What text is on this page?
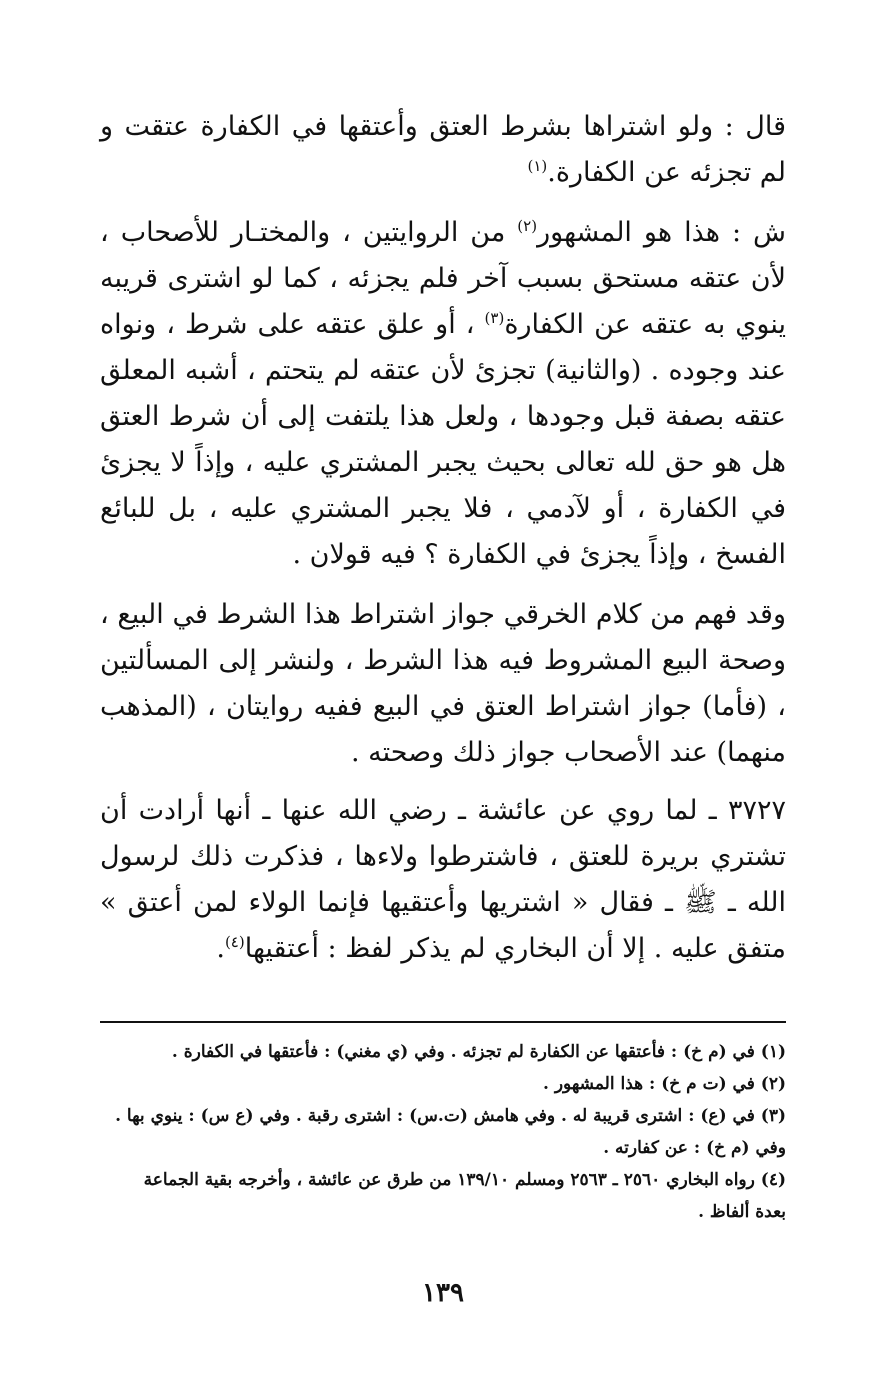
قال : ولو اشتراها بشرط العتق وأعتقها في الكفارة عتقت و لم تجزئه عن الكفارة.$^{(١)}$

ش : هذا هو المشهور$^{(٢)}$ من الروايتين ، والمختـار للأصحاب ، لأن عتقه مستحق بسبب آخر فلم يجزئه ، كما لو اشترى قريبه ينوي به عتقه عن الكفارة$^{(٣)}$ ، أو علق عتقه على شرط ، ونواه عند وجوده . (والثانية) تجزئ لأن عتقه لم يتحتم ، أشبه المعلق عتقه بصفة قبل وجودها ، ولعل هذا يلتفت إلى أن شرط العتق هل هو حق لله تعالى بحيث يجبر المشتري عليه ، وإذاً لا يجزئ في الكفارة ، أو لآدمي ، فلا يجبر المشتري عليه ، بل للبائع الفسخ ، وإذاً يجزئ في الكفارة ؟ فيه قولان .

وقد فهم من كلام الخرقي جواز اشتراط هذا الشرط في البيع ، وصحة البيع المشروط فيه هذا الشرط ، ولنشر إلى المسألتين ، (فأما) جواز اشتراط العتق في البيع ففيه روايتان ، (المذهب منهما) عند الأصحاب جواز ذلك وصحته .

٣٧٢٧ ـ لما روي عن عائشة ـ رضي الله عنها ـ أنها أرادت أن تشتري بريرة للعتق ، فاشترطوا ولاءها ، فذكرت ذلك لرسول الله ـ ﷺ ـ فقال « اشتريها وأعتقيها فإنما الولاء لمن أعتق » متفق عليه . إلا أن البخاري لم يذكر لفظ : أعتقيها$^{(٤)}$.

(١) في (م خ) : فأعتقها عن الكفارة لم تجزئه . وفي (ي مغني) : فأعتقها في الكفارة .

(٢) في (ت م خ) : هذا المشهور .

(٣) في (ع) : اشترى قريبة له . وفي هامش (ت.س) : اشترى رقبة . وفي (ع س) : ينوي بها .

وفي (م خ) : عن كفارته .

(٤) رواه البخاري ٢٥٦٠ ـ ٢٥٦٣ ومسلم ١٣٩/١٠ من طرق عن عائشة ، وأخرجه بقية الجماعة

بعدة ألفاظ .

١٣٩
